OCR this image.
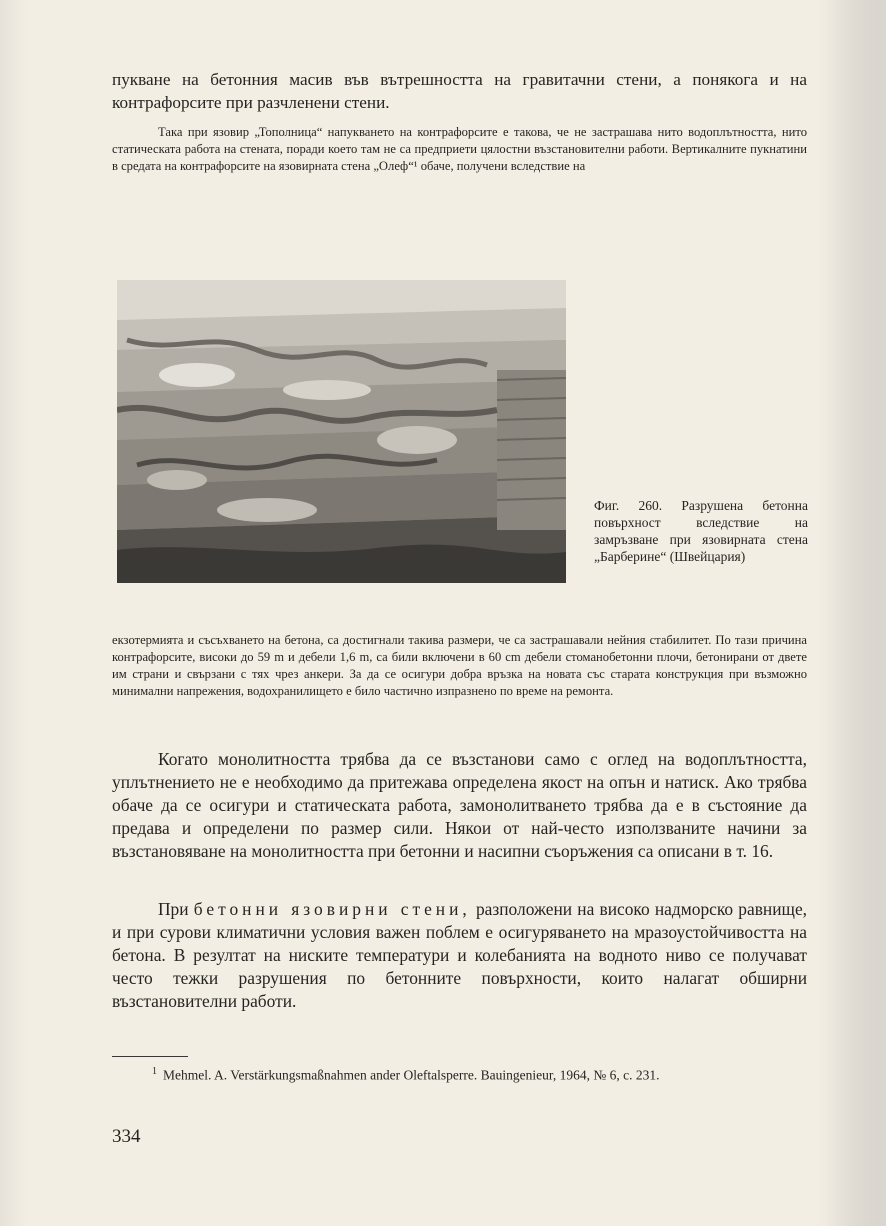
пукване на бетонния масив във вътрешността на гравитачни стени, а понякога и на контрафорсите при разчленени стени.

Така при язовир „Тополница“ напукването на контрафорсите е такова, че не застрашава нито водоплътността, нито статическата работа на стената, поради което там не са предприети цялостни възстановителни работи. Вертикалните пукнатини в средата на контрафорсите на язовирната стена „Олеф“¹ обаче, получени вследствие на

Фиг. 260. Разрушена бетонна повърхност вследствие на замръзване при язовирната стена „Барберине“ (Швейцария)

екзотермията и съсъхването на бетона, са достигнали такива размери, че са застрашавали нейния стабилитет. По тази причина контрафорсите, високи до 59 m и дебели 1,6 m, са били включени в 60 cm дебели стоманобетонни плочи, бетонирани от двете им страни и свързани с тях чрез анкери. За да се осигури добра връзка на новата със старата конструкция при възможно минимални напрежения, водохранилището е било частично изпразнено по време на ремонта.

Когато монолитността трябва да се възстанови само с оглед на водоплътността, уплътнението не е необходимо да притежава определена якост на опън и натиск. Ако трябва обаче да се осигури и статическата работа, замонолитването трябва да е в състояние да предава и определени по размер сили. Някои от най-често използваните начини за възстановяване на монолитността при бетонни и насипни съоръжения са описани в т. 16.

При бетонни язовирни стени, разположени на високо надморско равнище, и при сурови климатични условия важен поблем е осигуряването на мразоустойчивостта на бетона. В резултат на ниските температури и колебанията на водното ниво се получават често тежки разрушения по бетонните повърхности, които налагат обширни възстановителни работи.

$^1$ Mehmel. A. Verstärkungsmaßnahmen ander Oleftalsperre. Bauingenieur, 1964, № 6, с. 231.
334
